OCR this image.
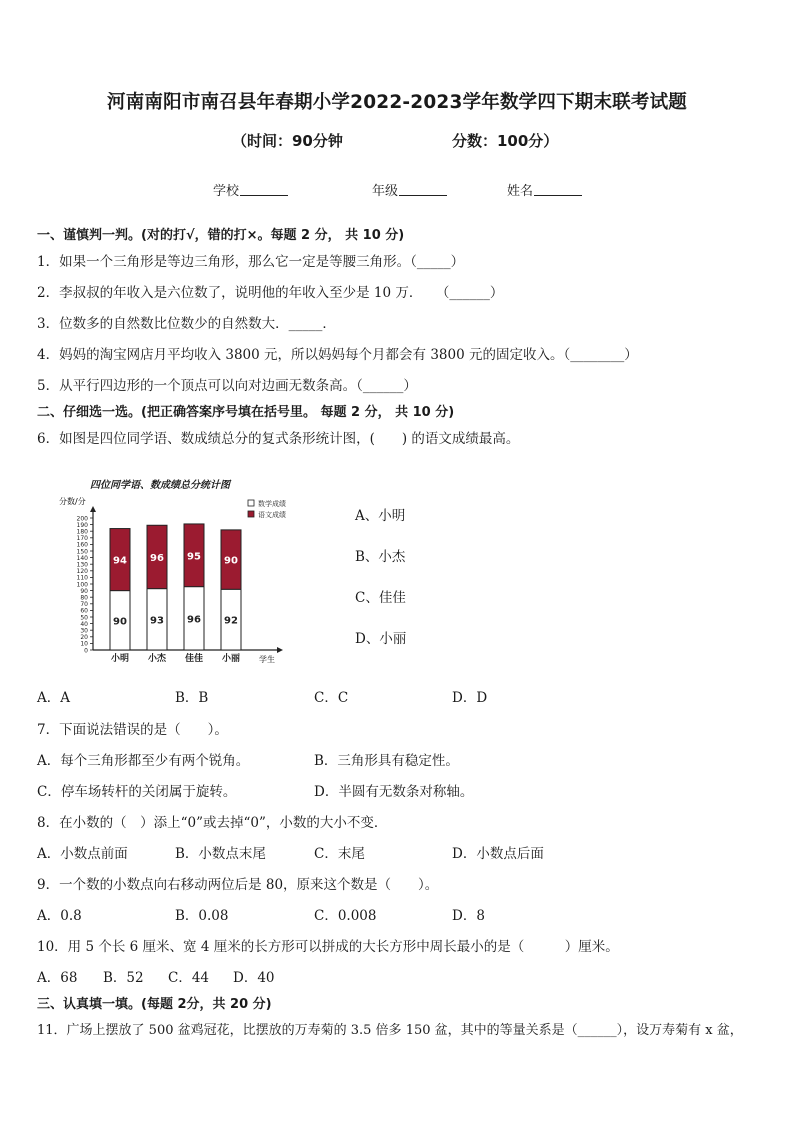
河南南阳市南召县年春期小学2022-2023学年数学四下期末联考试题
（时间：90分钟	分数：100分）
学校	年级	姓名
一、谨慎判一判。(对的打√，错的打×。每题 2 分， 共 10 分)
1．如果一个三角形是等边三角形，那么它一定是等腰三角形。（_____）
2．李叔叔的年收入是六位数了，说明他的年收入至少是 10 万．　　（______）
3．位数多的自然数比位数少的自然数大．_____．
4．妈妈的淘宝网店月平均收入 3800 元，所以妈妈每个月都会有 3800 元的固定收入。（________）
5．从平行四边形的一个顶点可以向对边画无数条高。（______）
二、仔细选一选。(把正确答案序号填在括号里。 每题 2 分， 共 10 分)
6．如图是四位同学语、数成绩总分的复式条形统计图，(　　) 的语文成绩最高。
四位同学语、数成绩总分统计图
分数/分
学生
0
10
20
30
40
50
60
70
80
90
100
110
120
130
140
150
160
170
180
190
200
90
94
小明
93
96
小杰
96
95
佳佳
92
90
小丽
数学成绩
语文成绩	A、小明
B、小杰
C、佳佳
D、小丽
A．A	B．B	C．C	D．D
7．下面说法错误的是（　　）。
A．每个三角形都至少有两个锐角。	B．三角形具有稳定性。
C．停车场转杆的关闭属于旋转。	D．半圆有无数条对称轴。
8．在小数的（　）添上“0”或去掉“0”，小数的大小不变．
A．小数点前面	B．小数点末尾	C．末尾	D．小数点后面
9．一个数的小数点向右移动两位后是 80，原来这个数是（　　）。
A．0.8	B．0.08	C．0.008	D．8
10．用 5 个长 6 厘米、宽 4 厘米的长方形可以拼成的大长方形中周长最小的是（　　　）厘米。
A．68 B．52 C．44 D．40
三、认真填一填。(每题 2分，共 20 分)
11．广场上摆放了 500 盆鸡冠花，比摆放的万寿菊的 3.5 倍多 150 盆，其中的等量关系是（______），设万寿菊有 x 盆，
